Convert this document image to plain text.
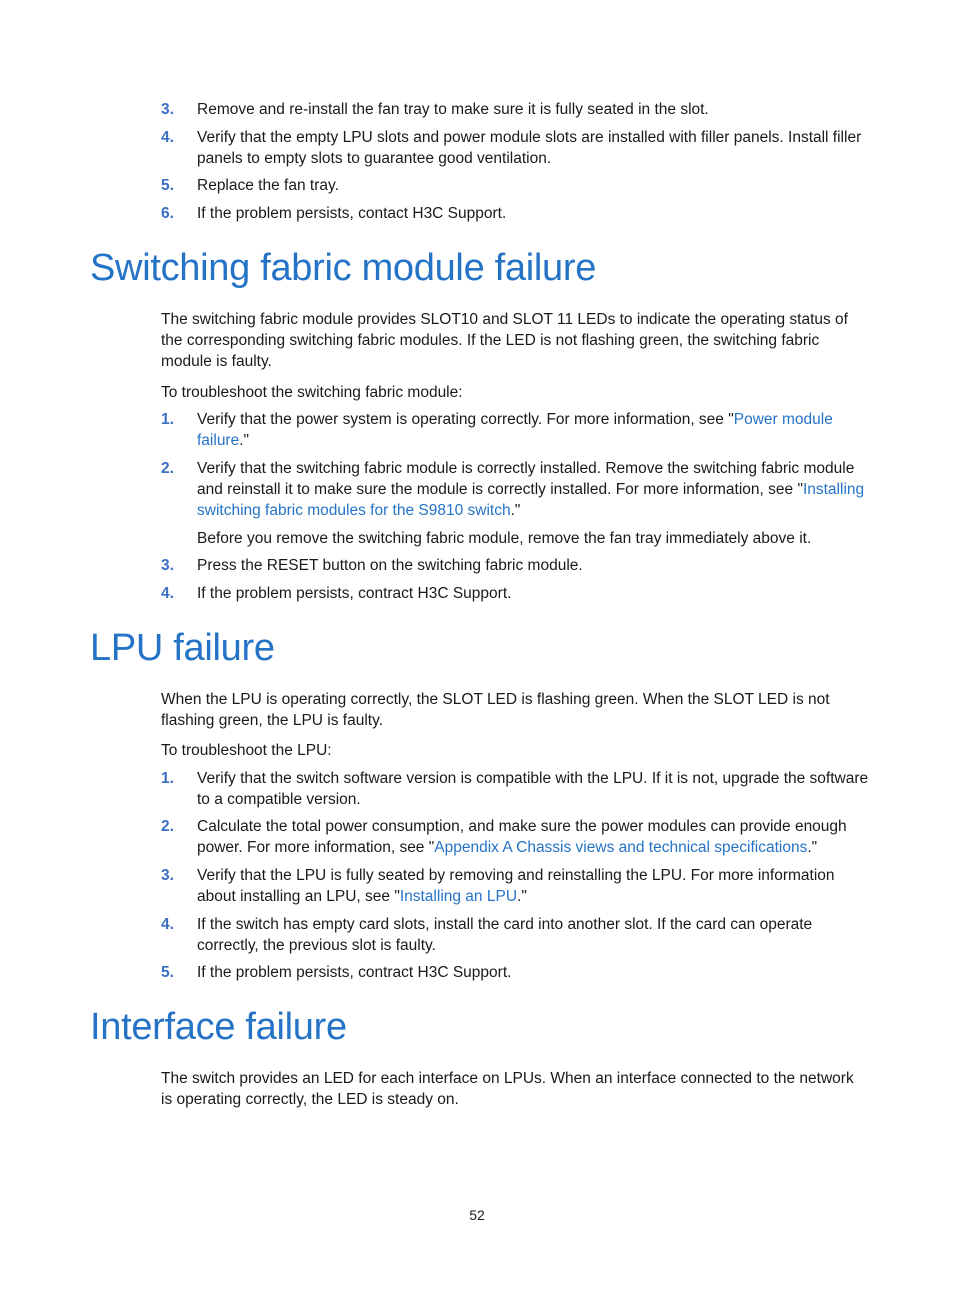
3. Remove and re-install the fan tray to make sure it is fully seated in the slot.
4. Verify that the empty LPU slots and power module slots are installed with filler panels. Install filler panels to empty slots to guarantee good ventilation.
5. Replace the fan tray.
6. If the problem persists, contact H3C Support.
Switching fabric module failure
The switching fabric module provides SLOT10 and SLOT 11 LEDs to indicate the operating status of the corresponding switching fabric modules. If the LED is not flashing green, the switching fabric module is faulty.
To troubleshoot the switching fabric module:
1. Verify that the power system is operating correctly. For more information, see "Power module failure."
2. Verify that the switching fabric module is correctly installed. Remove the switching fabric module and reinstall it to make sure the module is correctly installed. For more information, see "Installing switching fabric modules for the S9810 switch."
Before you remove the switching fabric module, remove the fan tray immediately above it.
3. Press the RESET button on the switching fabric module.
4. If the problem persists, contract H3C Support.
LPU failure
When the LPU is operating correctly, the SLOT LED is flashing green. When the SLOT LED is not flashing green, the LPU is faulty.
To troubleshoot the LPU:
1. Verify that the switch software version is compatible with the LPU. If it is not, upgrade the software to a compatible version.
2. Calculate the total power consumption, and make sure the power modules can provide enough power. For more information, see "Appendix A Chassis views and technical specifications."
3. Verify that the LPU is fully seated by removing and reinstalling the LPU. For more information about installing an LPU, see "Installing an LPU."
4. If the switch has empty card slots, install the card into another slot. If the card can operate correctly, the previous slot is faulty.
5. If the problem persists, contract H3C Support.
Interface failure
The switch provides an LED for each interface on LPUs. When an interface connected to the network is operating correctly, the LED is steady on.
52
